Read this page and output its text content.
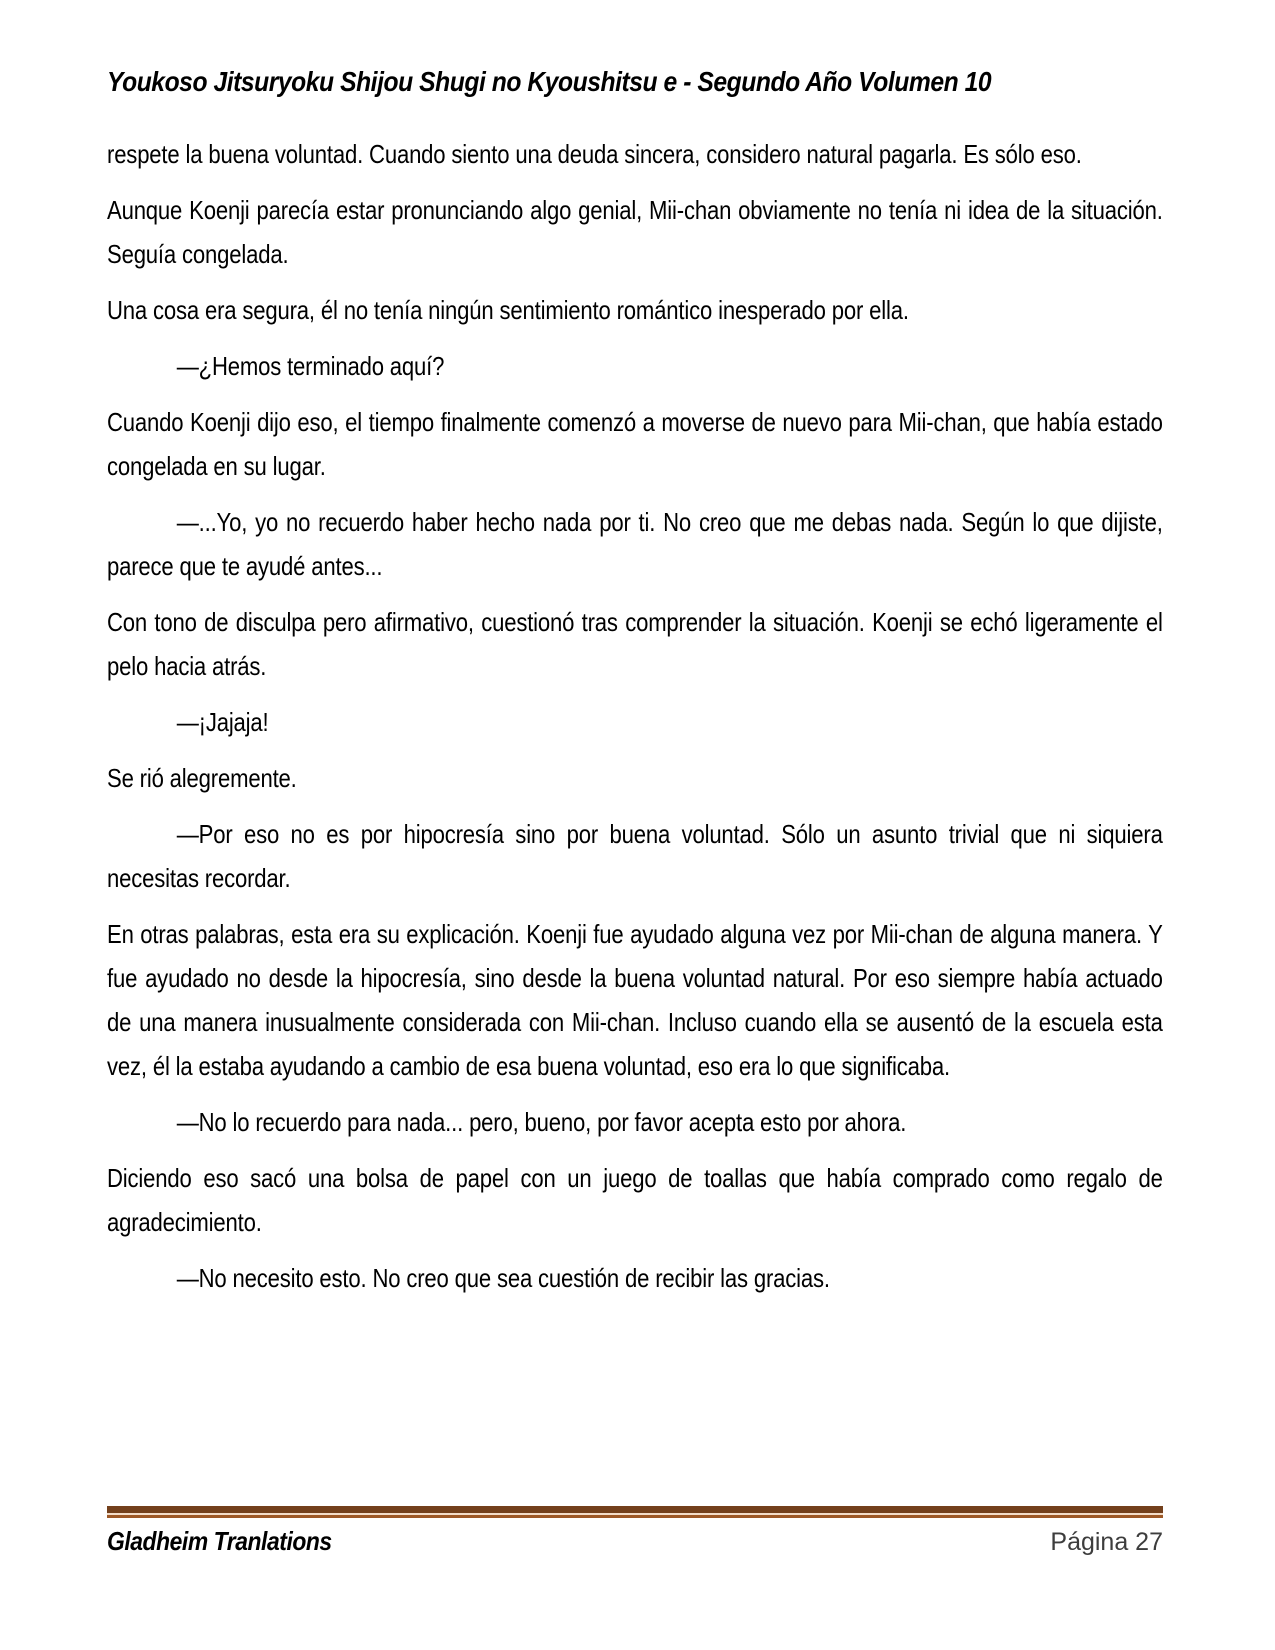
Youkoso Jitsuryoku Shijou Shugi no Kyoushitsu e - Segundo Año Volumen 10

respete la buena voluntad. Cuando siento una deuda sincera, considero natural pagarla. Es sólo eso.

Aunque Koenji parecía estar pronunciando algo genial, Mii-chan obviamente no tenía ni idea de la situación. Seguía congelada.

Una cosa era segura, él no tenía ningún sentimiento romántico inesperado por ella.

—¿Hemos terminado aquí?

Cuando Koenji dijo eso, el tiempo finalmente comenzó a moverse de nuevo para Mii-chan, que había estado congelada en su lugar.

—...Yo, yo no recuerdo haber hecho nada por ti. No creo que me debas nada. Según lo que dijiste, parece que te ayudé antes...

Con tono de disculpa pero afirmativo, cuestionó tras comprender la situación. Koenji se echó ligeramente el pelo hacia atrás.

—¡Jajaja!

Se rió alegremente.

—Por eso no es por hipocresía sino por buena voluntad. Sólo un asunto trivial que ni siquiera necesitas recordar.

En otras palabras, esta era su explicación. Koenji fue ayudado alguna vez por Mii-chan de alguna manera. Y fue ayudado no desde la hipocresía, sino desde la buena voluntad natural. Por eso siempre había actuado de una manera inusualmente considerada con Mii-chan. Incluso cuando ella se ausentó de la escuela esta vez, él la estaba ayudando a cambio de esa buena voluntad, eso era lo que significaba.

—No lo recuerdo para nada... pero, bueno, por favor acepta esto por ahora.

Diciendo eso sacó una bolsa de papel con un juego de toallas que había comprado como regalo de agradecimiento.

—No necesito esto. No creo que sea cuestión de recibir las gracias.

Gladheim Tranlations	Página 27
